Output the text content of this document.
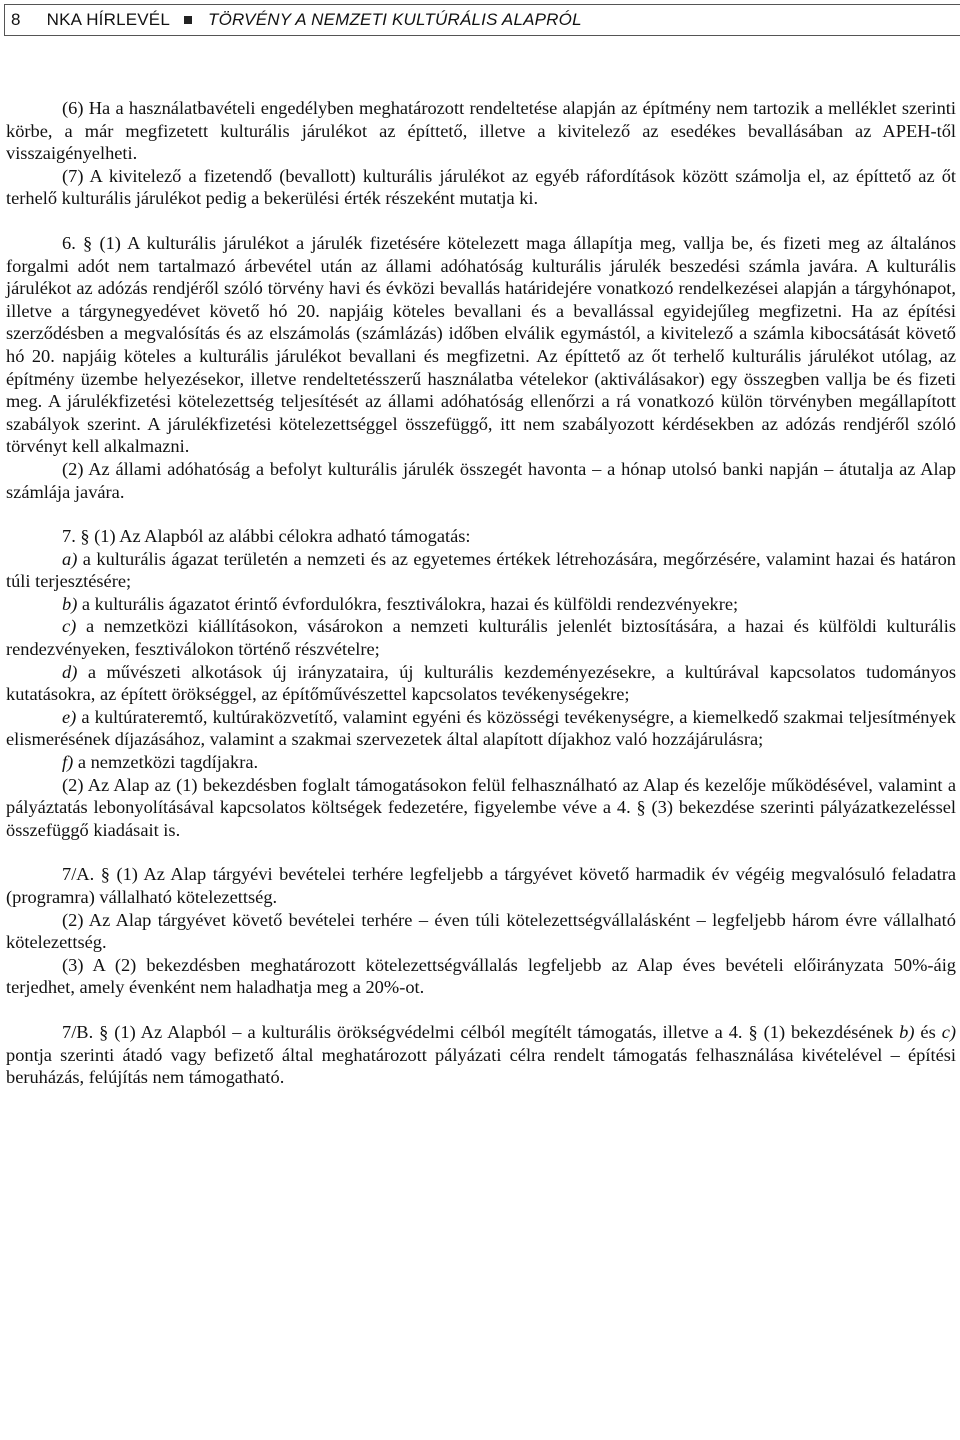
8 NKA HÍRLEVÉL TÖRVÉNY A NEMZETI KULTÚRÁLIS ALAPRÓL

(6) Ha a használatbavételi engedélyben meghatározott rendeltetése alapján az építmény nem tartozik a melléklet szerinti körbe, a már megfizetett kulturális járulékot az építtető, illetve a kivitelező az esedékes bevallásában az APEH-től visszaigényelheti.

(7) A kivitelező a fizetendő (bevallott) kulturális járulékot az egyéb ráfordítások között számolja el, az építtető az őt terhelő kulturális járulékot pedig a bekerülési érték részeként mutatja ki.

6. § (1) A kulturális járulékot a járulék fizetésére kötelezett maga állapítja meg, vallja be, és fizeti meg az általános forgalmi adót nem tartalmazó árbevétel után az állami adóhatóság kulturális járulék beszedési számla javára. A kulturális járulékot az adózás rendjéről szóló törvény havi és évközi bevallás határidejére vonatkozó rendelkezései alapján a tárgyhónapot, illetve a tárgynegyedévet követő hó 20. napjáig köteles bevallani és a bevallással egyidejűleg megfizetni. Ha az építési szerződésben a megvalósítás és az elszámolás (számlázás) időben elválik egymástól, a kivitelező a számla kibocsátását követő hó 20. napjáig köteles a kulturális járulékot bevallani és megfizetni. Az építtető az őt terhelő kulturális járulékot utólag, az építmény üzembe helyezésekor, illetve rendeltetésszerű használatba vételekor (aktiválásakor) egy összegben vallja be és fizeti meg. A járulékfizetési kötelezettség teljesítését az állami adóhatóság ellenőrzi a rá vonatkozó külön törvényben megállapított szabályok szerint. A járulékfizetési kötelezettséggel összefüggő, itt nem szabályozott kérdésekben az adózás rendjéről szóló törvényt kell alkalmazni.

(2) Az állami adóhatóság a befolyt kulturális járulék összegét havonta – a hónap utolsó banki napján – átutalja az Alap számlája javára.

7. § (1) Az Alapból az alábbi célokra adható támogatás:

a) a kulturális ágazat területén a nemzeti és az egyetemes értékek létrehozására, megőrzésére, valamint hazai és határon túli terjesztésére;

b) a kulturális ágazatot érintő évfordulókra, fesztiválokra, hazai és külföldi rendezvényekre;

c) a nemzetközi kiállításokon, vásárokon a nemzeti kulturális jelenlét biztosítására, a hazai és külföldi kulturális rendezvényeken, fesztiválokon történő részvételre;

d) a művészeti alkotások új irányzataira, új kulturális kezdeményezésekre, a kultúrával kapcsolatos tudományos kutatásokra, az épített örökséggel, az építőművészettel kapcsolatos tevékenységekre;

e) a kultúrateremtő, kultúraközvetítő, valamint egyéni és közösségi tevékenységre, a kiemelkedő szakmai teljesítmények elismerésének díjazásához, valamint a szakmai szervezetek által alapított díjakhoz való hozzájárulásra;

f) a nemzetközi tagdíjakra.

(2) Az Alap az (1) bekezdésben foglalt támogatásokon felül felhasználható az Alap és kezelője működésével, valamint a pályáztatás lebonyolításával kapcsolatos költségek fedezetére, figyelembe véve a 4. § (3) bekezdése szerinti pályázatkezeléssel összefüggő kiadásait is.

7/A. § (1) Az Alap tárgyévi bevételei terhére legfeljebb a tárgyévet követő harmadik év végéig megvalósuló feladatra (programra) vállalható kötelezettség.

(2) Az Alap tárgyévet követő bevételei terhére – éven túli kötelezettségvállalásként – legfeljebb három évre vállalható kötelezettség.

(3) A (2) bekezdésben meghatározott kötelezettségvállalás legfeljebb az Alap éves bevételi előirányzata 50%-áig terjedhet, amely évenként nem haladhatja meg a 20%-ot.

7/B. § (1) Az Alapból – a kulturális örökségvédelmi célból megítélt támogatás, illetve a 4. § (1) bekezdésének b) és c) pontja szerinti átadó vagy befizető által meghatározott pályázati célra rendelt támogatás felhasználása kivételével – építési beruházás, felújítás nem támogatható.
